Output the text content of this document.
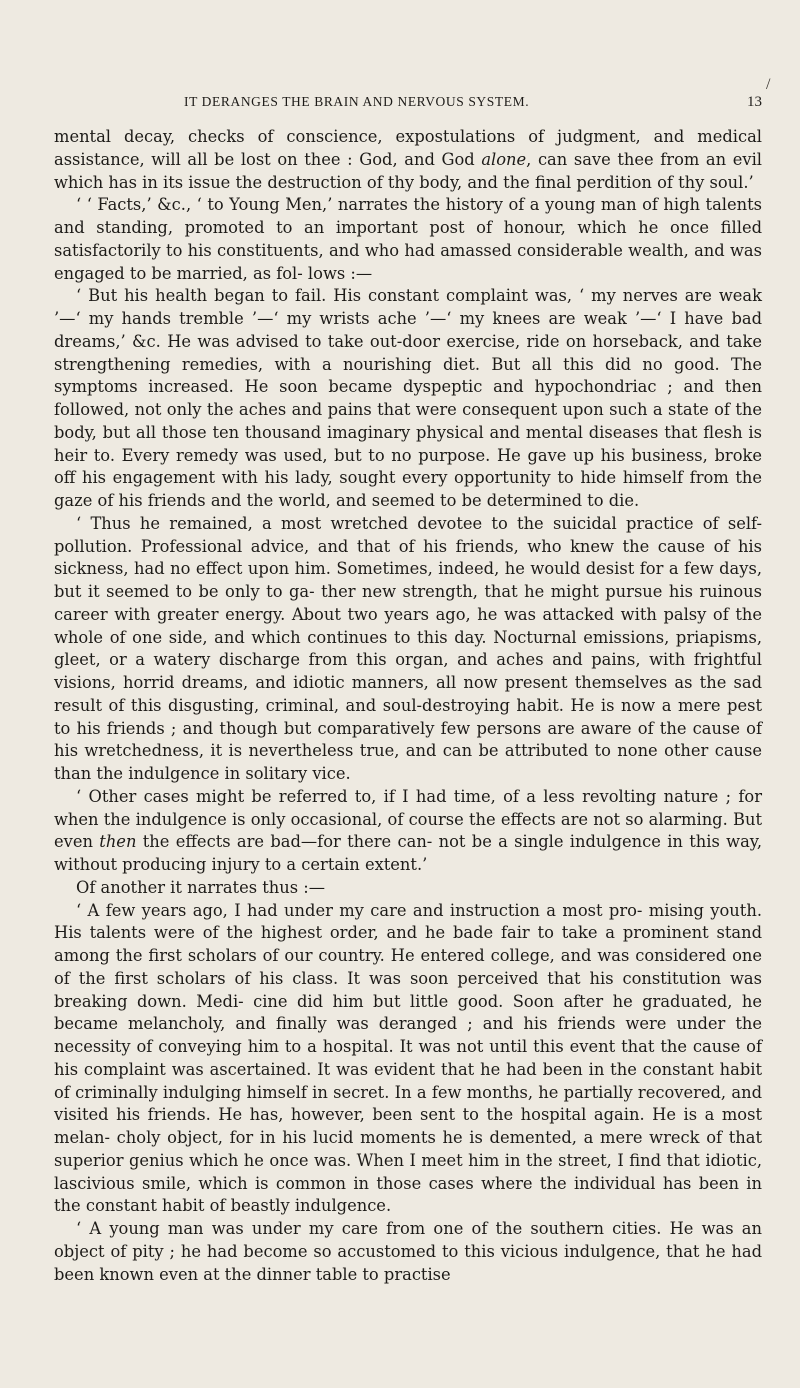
/
IT DERANGES THE BRAIN AND NERVOUS SYSTEM.	13

mental decay, checks of conscience, expostulations of judgment, and medical assistance, will all be lost on thee : God, and God alone, can save thee from an evil which has in its issue the destruction of thy body, and the final perdition of thy soul.’

‘ ‘ Facts,’ &c., ‘ to Young Men,’ narrates the history of a young man of high talents and standing, promoted to an important post of honour, which he once filled satisfactorily to his constituents, and who had amassed considerable wealth, and was engaged to be married, as fol- lows :—

‘ But his health began to fail. His constant complaint was, ‘ my nerves are weak ’—‘ my hands tremble ’—‘ my wrists ache ’—‘ my knees are weak ’—‘ I have bad dreams,’ &c. He was advised to take out-door exercise, ride on horseback, and take strengthening remedies, with a nourishing diet. But all this did no good. The symptoms increased. He soon became dyspeptic and hypochondriac ; and then followed, not only the aches and pains that were consequent upon such a state of the body, but all those ten thousand imaginary physical and mental diseases that flesh is heir to. Every remedy was used, but to no purpose. He gave up his business, broke off his engagement with his lady, sought every opportunity to hide himself from the gaze of his friends and the world, and seemed to be determined to die.

‘ Thus he remained, a most wretched devotee to the suicidal practice of self-pollution. Professional advice, and that of his friends, who knew the cause of his sickness, had no effect upon him. Sometimes, indeed, he would desist for a few days, but it seemed to be only to ga- ther new strength, that he might pursue his ruinous career with greater energy. About two years ago, he was attacked with palsy of the whole of one side, and which continues to this day. Nocturnal emissions, priapisms, gleet, or a watery discharge from this organ, and aches and pains, with frightful visions, horrid dreams, and idiotic manners, all now present themselves as the sad result of this disgusting, criminal, and soul-destroying habit. He is now a mere pest to his friends ; and though but comparatively few persons are aware of the cause of his wretchedness, it is nevertheless true, and can be attributed to none other cause than the indulgence in solitary vice.

‘ Other cases might be referred to, if I had time, of a less revolting nature ; for when the indulgence is only occasional, of course the effects are not so alarming. But even then the effects are bad—for there can- not be a single indulgence in this way, without producing injury to a certain extent.’

Of another it narrates thus :—

‘ A few years ago, I had under my care and instruction a most pro- mising youth. His talents were of the highest order, and he bade fair to take a prominent stand among the first scholars of our country. He entered college, and was considered one of the first scholars of his class. It was soon perceived that his constitution was breaking down. Medi- cine did him but little good. Soon after he graduated, he became melancholy, and finally was deranged ; and his friends were under the necessity of conveying him to a hospital. It was not until this event that the cause of his complaint was ascertained. It was evident that he had been in the constant habit of criminally indulging himself in secret. In a few months, he partially recovered, and visited his friends. He has, however, been sent to the hospital again. He is a most melan- choly object, for in his lucid moments he is demented, a mere wreck of that superior genius which he once was. When I meet him in the street, I find that idiotic, lascivious smile, which is common in those cases where the individual has been in the constant habit of beastly indulgence.

‘ A young man was under my care from one of the southern cities. He was an object of pity ; he had become so accustomed to this vicious indulgence, that he had been known even at the dinner table to practise
